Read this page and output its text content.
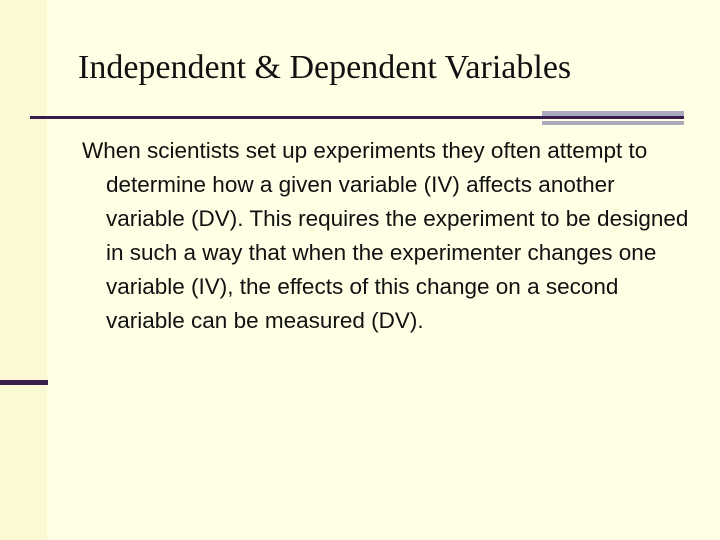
Independent & Dependent Variables

When scientists set up experiments they often attempt to determine how a given variable (IV) affects another variable (DV). This requires the experiment to be designed in such a way that when the experimenter changes one variable (IV), the effects of this change on a second variable can be measured (DV).
